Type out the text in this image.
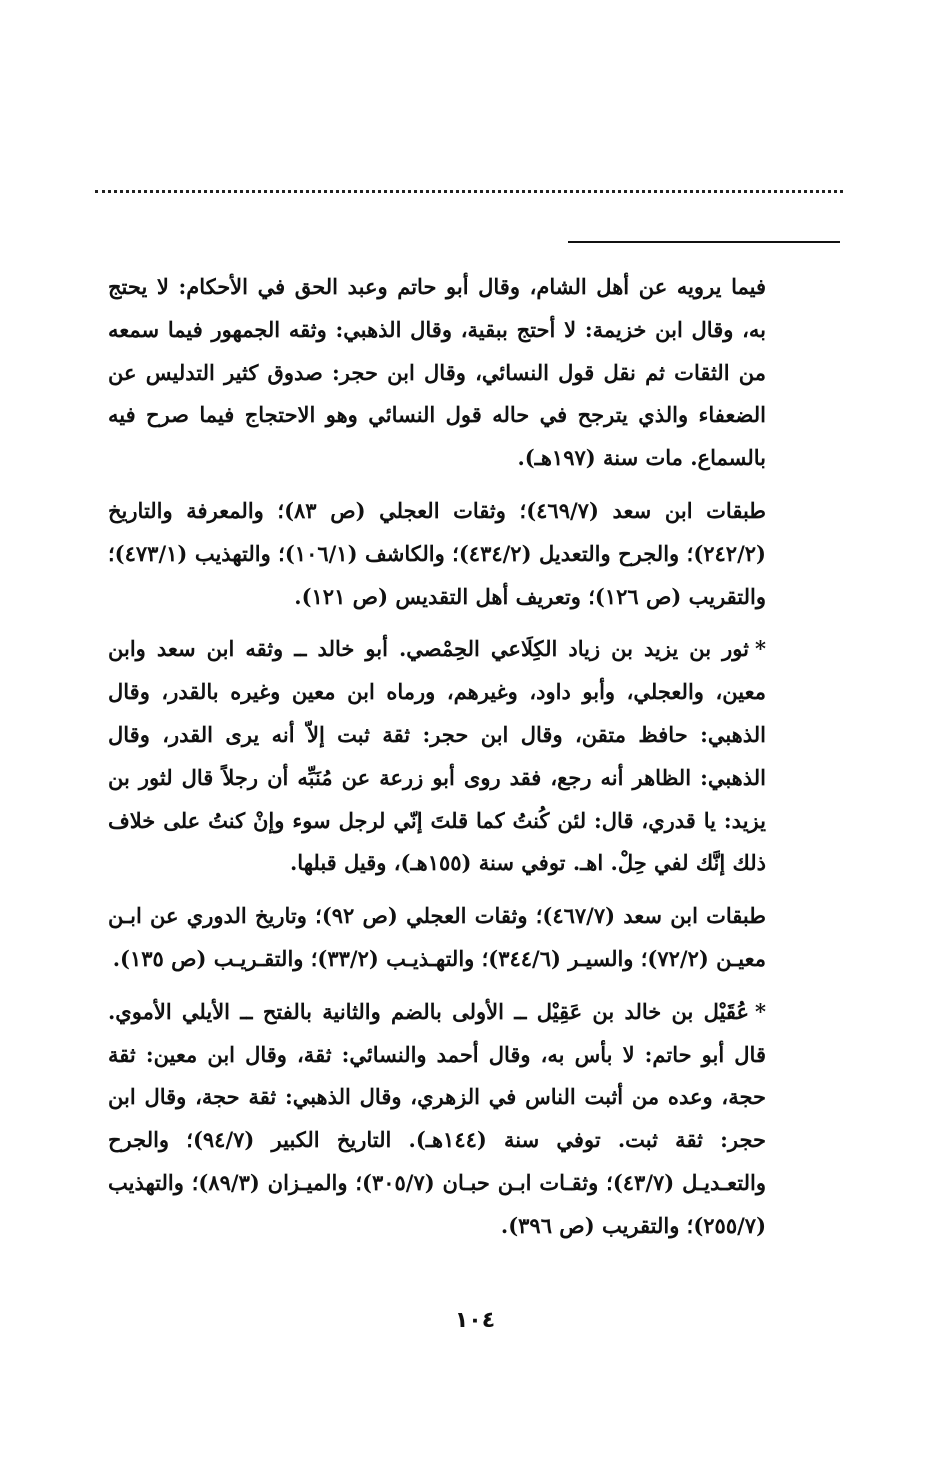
فيما يرويه عن أهل الشام، وقال أبو حاتم وعبد الحق في الأحكام: لا يحتج به، وقال ابن خزيمة: لا أحتج ببقية، وقال الذهبي: وثقه الجمهور فيما سمعه من الثقات ثم نقل قول النسائي، وقال ابن حجر: صدوق كثير التدليس عن الضعفاء والذي يترجح في حاله قول النسائي وهو الاحتجاج فيما صرح فيه بالسماع. مات سنة (١٩٧هـ).

طبقات ابن سعد (٤٦٩/٧)؛ وثقات العجلي (ص ٨٣)؛ والمعرفة والتاريخ (٢٤٢/٢)؛ والجرح والتعديل (٤٣٤/٢)؛ والكاشف (١٠٦/١)؛ والتهذيب (٤٧٣/١)؛ والتقريب (ص ١٢٦)؛ وتعريف أهل التقديس (ص ١٢١).

*ثور بن يزيد بن زياد الكِلَاعي الحِمْصي. أبو خالد ــ وثقه ابن سعد وابن معين، والعجلي، وأبو داود، وغيرهم، ورماه ابن معين وغيره بالقدر، وقال الذهبي: حافظ متقن، وقال ابن حجر: ثقة ثبت إلاّ أنه يرى القدر، وقال الذهبي: الظاهر أنه رجع، فقد روى أبو زرعة عن مُنَبِّه أن رجلاً قال لثور بن يزيد: يا قدري، قال: لئن كُنتُ كما قلتَ إنّي لرجل سوء وإنْ كنتُ على خلاف ذلك إنَّك لفي حِلْ. اهـ. توفي سنة (١٥٥هـ)، وقيل قبلها.

طبقات ابن سعد (٤٦٧/٧)؛ وثقات العجلي (ص ٩٢)؛ وتاريخ الدوري عن ابـن معيـن (٧٢/٢)؛ والسيـر (٣٤٤/٦)؛ والتهـذيـب (٣٣/٢)؛ والتقـريـب (ص ١٣٥).

*عُقَيْل بن خالد بن عَقِيْل ــ الأولى بالضم والثانية بالفتح ــ الأيلي الأموي. قال أبو حاتم: لا بأس به، وقال أحمد والنسائي: ثقة، وقال ابن معين: ثقة حجة، وعده من أثبت الناس في الزهري، وقال الذهبي: ثقة حجة، وقال ابن حجر: ثقة ثبت. توفي سنة (١٤٤هـ). التاريخ الكبير (٩٤/٧)؛ والجرح والتعـديـل (٤٣/٧)؛ وثقـات ابـن حبـان (٣٠٥/٧)؛ والميـزان (٨٩/٣)؛ والتهذيب (٢٥٥/٧)؛ والتقريب (ص ٣٩٦).

١٠٤
